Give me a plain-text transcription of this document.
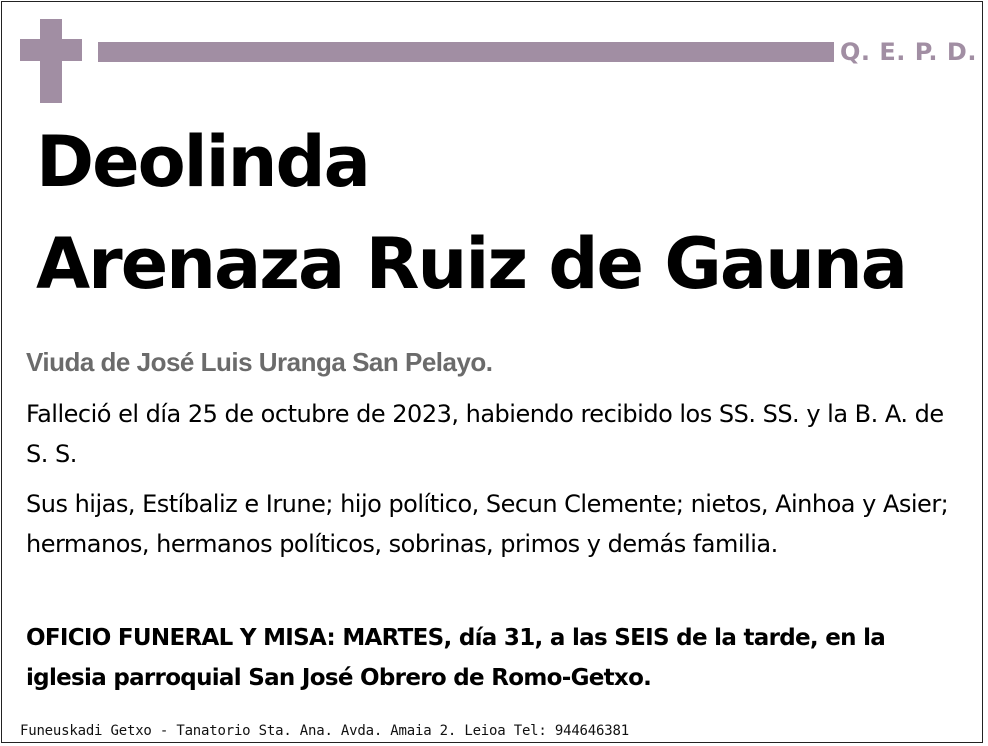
Q. E. P. D.
Deolinda
Arenaza Ruiz de Gauna
Viuda de José Luis Uranga San Pelayo.
Falleció el día 25 de octubre de 2023, habiendo recibido los SS. SS. y la B. A. de S. S.
Sus hijas, Estíbaliz e Irune; hijo político, Secun Clemente; nietos, Ainhoa y Asier; hermanos, hermanos políticos, sobrinas, primos y demás familia.
OFICIO FUNERAL Y MISA: MARTES, día 31, a las SEIS de la tarde, en la iglesia parroquial San José Obrero de Romo-Getxo.
Funeuskadi Getxo - Tanatorio Sta. Ana. Avda. Amaia 2. Leioa Tel: 944646381
